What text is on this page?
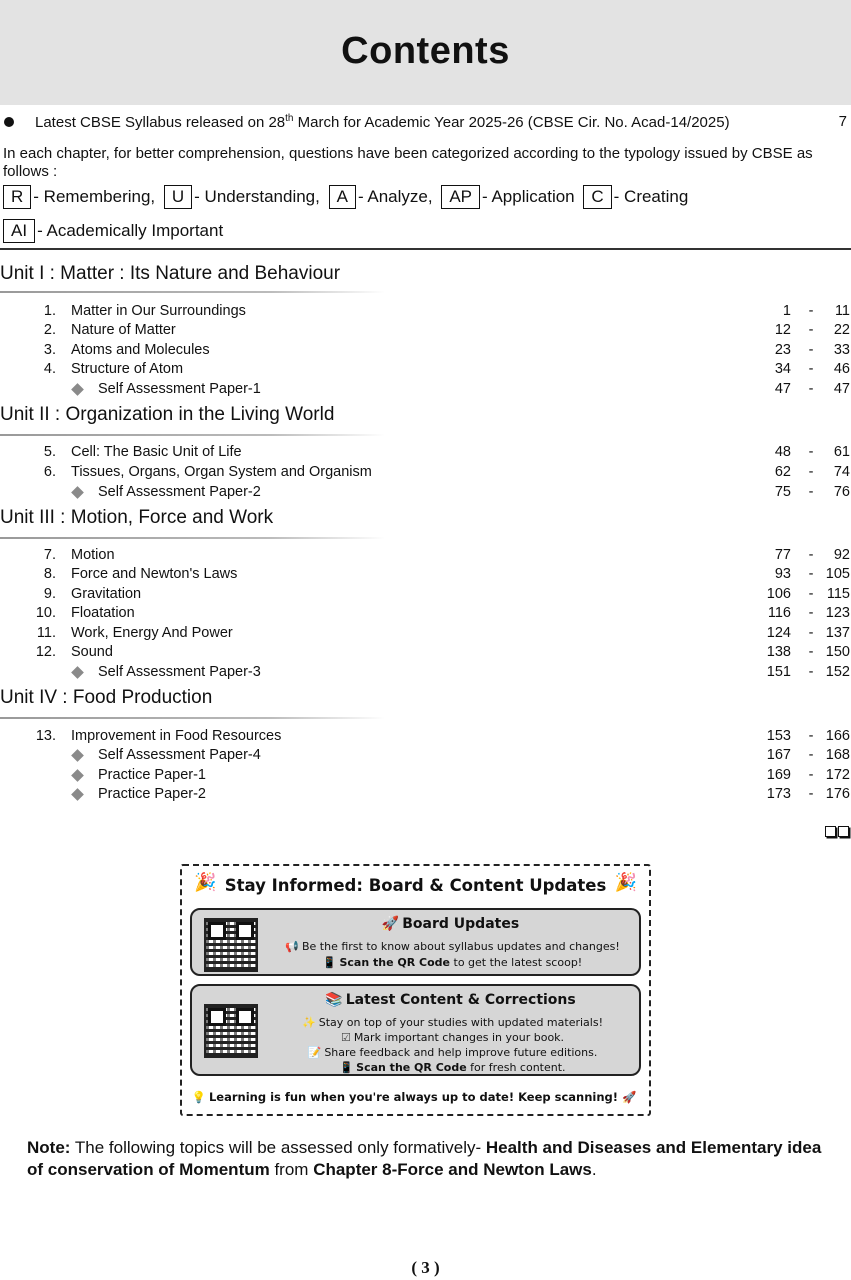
Contents
Latest CBSE Syllabus released on 28th March for Academic Year 2025-26 (CBSE Cir. No. Acad-14/2025)	7
In each chapter, for better comprehension, questions have been categorized according to the typology issued by CBSE as follows :
R - Remembering,
U - Understanding,
A - Analyze,
AP - Application
C - Creating
AI - Academically Important
Unit I : Matter : Its Nature and Behaviour
Unit II : Organization in the Living World
Unit III : Motion, Force and Work
Unit IV : Food Production
1. Matter in Our Surroundings	1 -	11
2. Nature of Matter	12 -	22
3. Atoms and Molecules	23 -	33
4. Structure of Atom	34 -	46
Self Assessment Paper-1	47 -	47
5. Cell: The Basic Unit of Life	48 -	61
6. Tissues, Organs, Organ System and Organism	62 -	74
Self Assessment Paper-2	75 -	76
7. Motion	77 -	92
8. Force and Newton's Laws	93 - 105
9. Gravitation	106 - 115
10. Floatation	116 - 123
11. Work, Energy And Power	124 - 137
12. Sound	138 - 150
Self Assessment Paper-3	151 - 152
13. Improvement in Food Resources	153 - 166
Self Assessment Paper-4	167 - 168
Practice Paper-1	169 - 172
Practice Paper-2	173 - 176
🎉	🎉
Stay Informed: Board & Content Updates
🚀 Board Updates
📢 Be the first to know about syllabus updates and changes!
📱 Scan the QR Code to get the latest scoop!
📚 Latest Content & Corrections
✨ Stay on top of your studies with updated materials!
☑ Mark important changes in your book.
📝 Share feedback and help improve future editions.
📱 Scan the QR Code for fresh content.
💡 Learning is fun when you're always up to date! Keep scanning! 🚀
Note: The following topics will be assessed only formatively- Health and Diseases and Elementary idea of conservation of Momentum from Chapter 8-Force and Newton Laws.
( 3 )
